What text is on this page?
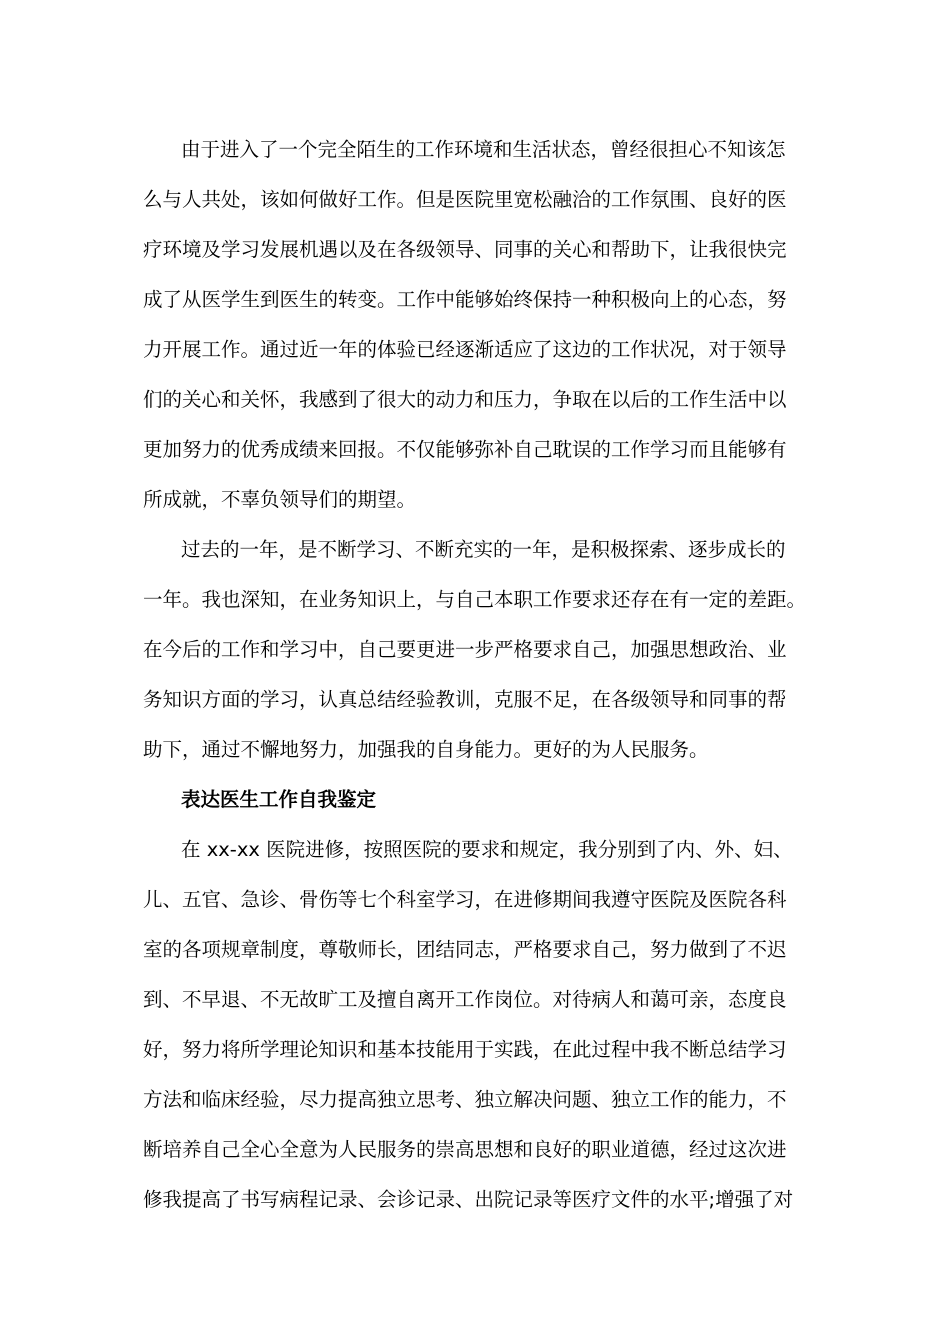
由于进入了一个完全陌生的工作环境和生活状态，曾经很担心不知该怎
么与人共处，该如何做好工作。但是医院里宽松融洽的工作氛围、良好的医
疗环境及学习发展机遇以及在各级领导、同事的关心和帮助下，让我很快完
成了从医学生到医生的转变。工作中能够始终保持一种积极向上的心态，努
力开展工作。通过近一年的体验已经逐渐适应了这边的工作状况，对于领导
们的关心和关怀，我感到了很大的动力和压力，争取在以后的工作生活中以
更加努力的优秀成绩来回报。不仅能够弥补自己耽误的工作学习而且能够有
所成就，不辜负领导们的期望。
过去的一年，是不断学习、不断充实的一年，是积极探索、逐步成长的
一年。我也深知，在业务知识上，与自己本职工作要求还存在有一定的差距。
在今后的工作和学习中，自己要更进一步严格要求自己，加强思想政治、业
务知识方面的学习，认真总结经验教训，克服不足，在各级领导和同事的帮
助下，通过不懈地努力，加强我的自身能力。更好的为人民服务。
表达医生工作自我鉴定
在 xx-xx 医院进修，按照医院的要求和规定，我分别到了内、外、妇、
儿、五官、急诊、骨伤等七个科室学习，在进修期间我遵守医院及医院各科
室的各项规章制度，尊敬师长，团结同志，严格要求自己，努力做到了不迟
到、不早退、不无故旷工及擅自离开工作岗位。对待病人和蔼可亲，态度良
好，努力将所学理论知识和基本技能用于实践，在此过程中我不断总结学习
方法和临床经验，尽力提高独立思考、独立解决问题、独立工作的能力，不
断培养自己全心全意为人民服务的崇高思想和良好的职业道德，经过这次进
修我提高了书写病程记录、会诊记录、出院记录等医疗文件的水平;增强了对
